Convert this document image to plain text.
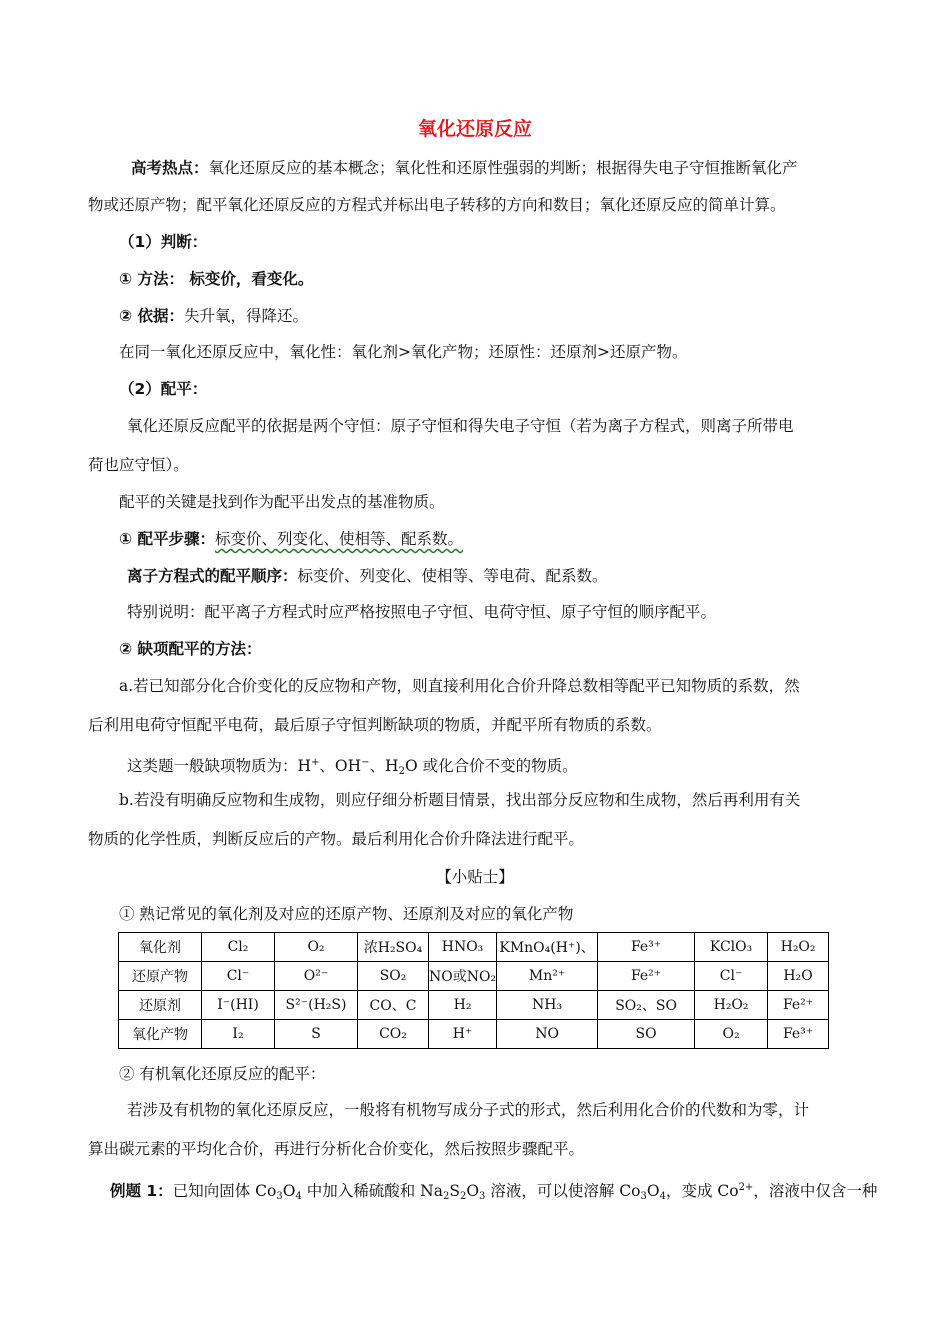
氧化还原反应
高考热点：氧化还原反应的基本概念；氧化性和还原性强弱的判断；根据得失电子守恒推断氧化产
物或还原产物；配平氧化还原反应的方程式并标出电子转移的方向和数目；氧化还原反应的简单计算。
（1）判断：
① 方法： 标变价，看变化。
② 依据：失升氧，得降还。
在同一氧化还原反应中，氧化性：氧化剂>氧化产物；还原性：还原剂>还原产物。
（2）配平：
氧化还原反应配平的依据是两个守恒：原子守恒和得失电子守恒（若为离子方程式，则离子所带电
荷也应守恒）。
配平的关键是找到作为配平出发点的基准物质。
① 配平步骤：标变价、列变化、使相等、配系数。
离子方程式的配平顺序：标变价、列变化、使相等、等电荷、配系数。
特别说明：配平离子方程式时应严格按照电子守恒、电荷守恒、原子守恒的顺序配平。
② 缺项配平的方法：
a.若已知部分化合价变化的反应物和产物，则直接利用化合价升降总数相等配平已知物质的系数，然
后利用电荷守恒配平电荷，最后原子守恒判断缺项的物质，并配平所有物质的系数。
这类题一般缺项物质为：H+、OH−、$H_2O$ 或化合价不变的物质。
b.若没有明确反应物和生成物，则应仔细分析题目情景，找出部分反应物和生成物，然后再利用有关
物质的化学性质，判断反应后的产物。最后利用化合价升降法进行配平。
【小贴士】
① 熟记常见的氧化剂及对应的还原产物、还原剂及对应的氧化产物
氧化剂	Cl₂	O₂	浓H₂SO₄	HNO₃	KMnO₄(H⁺)、	Fe³⁺	KClO₃	H₂O₂
还原产物	Cl⁻	O²⁻	SO₂	NO或NO₂	Mn²⁺	Fe²⁺	Cl⁻	H₂O
还原剂	I⁻(HI)	S²⁻(H₂S)	CO、C	H₂	NH₃	SO₂、SO	H₂O₂	Fe²⁺
氧化产物	I₂	S	CO₂	H⁺	NO	SO	O₂	Fe³⁺
② 有机氧化还原反应的配平：
若涉及有机物的氧化还原反应，一般将有机物写成分子式的形式，然后利用化合价的代数和为零，计
算出碳元素的平均化合价，再进行分析化合价变化，然后按照步骤配平。
例题 1：已知向固体 $Co_3O_4$ 中加入稀硫酸和 $Na_2S_2O_3$ 溶液，可以使溶解 $Co_3O_4$，变成 $Co^{2+}$，溶液中仅含一种
